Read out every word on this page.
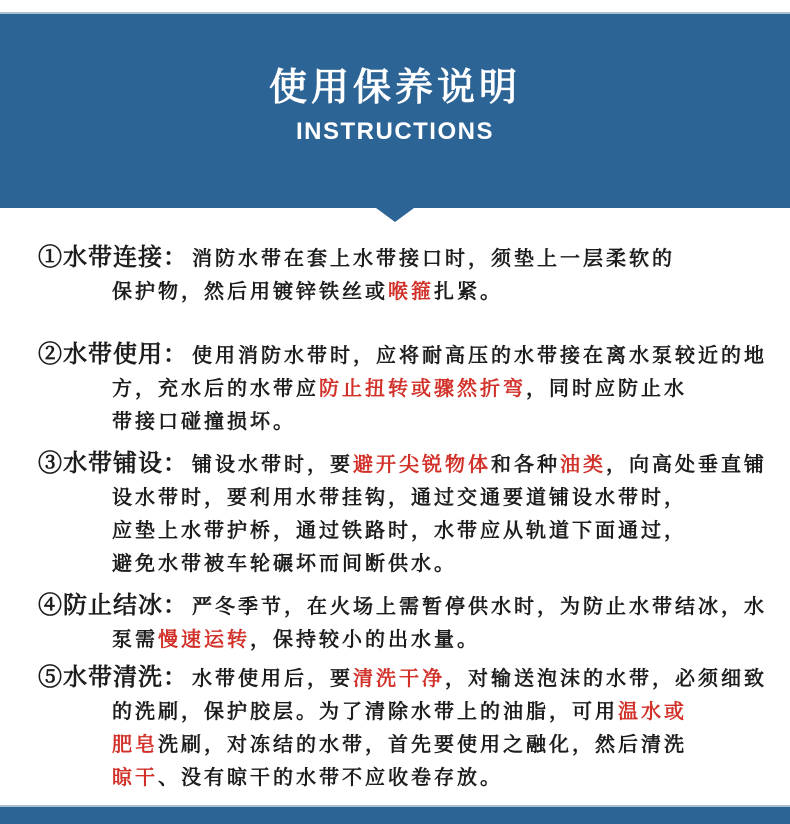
使用保养说明
INSTRUCTIONS
①水带连接： 消防水带在套上水带接口时，须垫上一层柔软的
保护物，然后用镀锌铁丝或喉箍扎紧。
②水带使用： 使用消防水带时，应将耐高压的水带接在离水泵较近的地
方，充水后的水带应防止扭转或骤然折弯，同时应防止水
带接口碰撞损坏。
③水带铺设： 铺设水带时，要避开尖锐物体和各种油类，向高处垂直铺
设水带时，要利用水带挂钩，通过交通要道铺设水带时，
应垫上水带护桥，通过铁路时，水带应从轨道下面通过，
避免水带被车轮碾坏而间断供水。
④防止结冰： 严冬季节，在火场上需暂停供水时，为防止水带结冰，水
泵需慢速运转，保持较小的出水量。
⑤水带清洗： 水带使用后，要清洗干净，对输送泡沫的水带，必须细致
的洗刷，保护胶层。为了清除水带上的油脂，可用温水或
肥皂洗刷，对冻结的水带，首先要使用之融化，然后清洗
晾干、没有晾干的水带不应收卷存放。
